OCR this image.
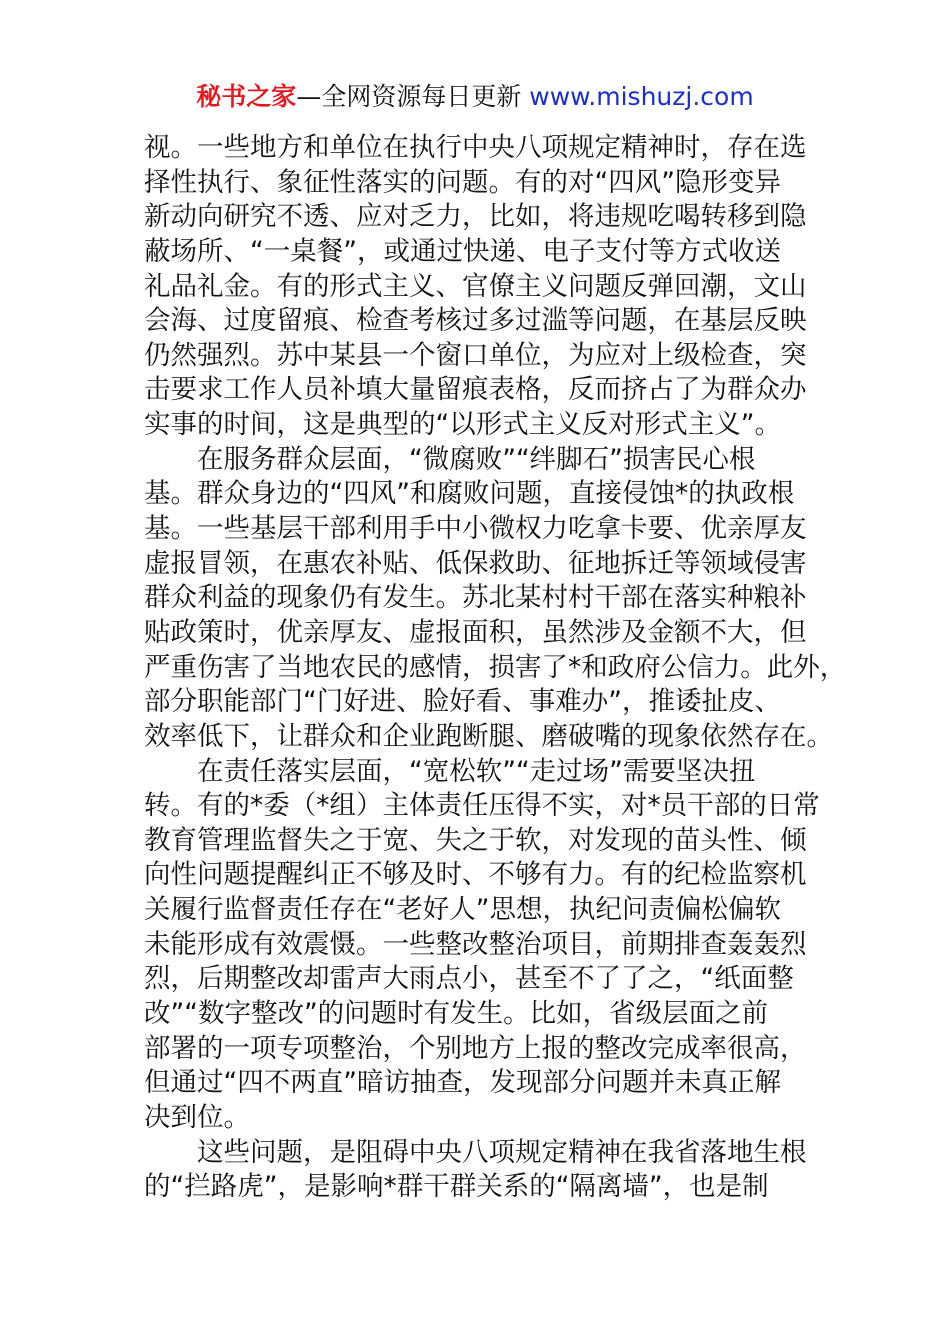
秘书之家—全网资源每日更新 www.mishuzj.com
视。一些地方和单位在执行中央八项规定精神时，存在选
择性执行、象征性落实的问题。有的对“四风”隐形变异
新动向研究不透、应对乏力，比如，将违规吃喝转移到隐
蔽场所、“一桌餐”，或通过快递、电子支付等方式收送
礼品礼金。有的形式主义、官僚主义问题反弹回潮，文山
会海、过度留痕、检查考核过多过滥等问题，在基层反映
仍然强烈。苏中某县一个窗口单位，为应对上级检查，突
击要求工作人员补填大量留痕表格，反而挤占了为群众办
实事的时间，这是典型的“以形式主义反对形式主义”。
　　在服务群众层面，“微腐败”“绊脚石”损害民心根
基。群众身边的“四风”和腐败问题，直接侵蚀*的执政根
基。一些基层干部利用手中小微权力吃拿卡要、优亲厚友
虚报冒领，在惠农补贴、低保救助、征地拆迁等领域侵害
群众利益的现象仍有发生。苏北某村村干部在落实种粮补
贴政策时，优亲厚友、虚报面积，虽然涉及金额不大，但
严重伤害了当地农民的感情，损害了*和政府公信力。此外，
部分职能部门“门好进、脸好看、事难办”，推诿扯皮、
效率低下，让群众和企业跑断腿、磨破嘴的现象依然存在。
　　在责任落实层面，“宽松软”“走过场”需要坚决扭
转。有的*委（*组）主体责任压得不实，对*员干部的日常
教育管理监督失之于宽、失之于软，对发现的苗头性、倾
向性问题提醒纠正不够及时、不够有力。有的纪检监察机
关履行监督责任存在“老好人”思想，执纪问责偏松偏软
未能形成有效震慑。一些整改整治项目，前期排查轰轰烈
烈，后期整改却雷声大雨点小，甚至不了了之，“纸面整
改”“数字整改”的问题时有发生。比如，省级层面之前
部署的一项专项整治，个别地方上报的整改完成率很高，
但通过“四不两直”暗访抽查，发现部分问题并未真正解
决到位。
　　这些问题，是阻碍中央八项规定精神在我省落地生根
的“拦路虎”，是影响*群干群关系的“隔离墙”，也是制
